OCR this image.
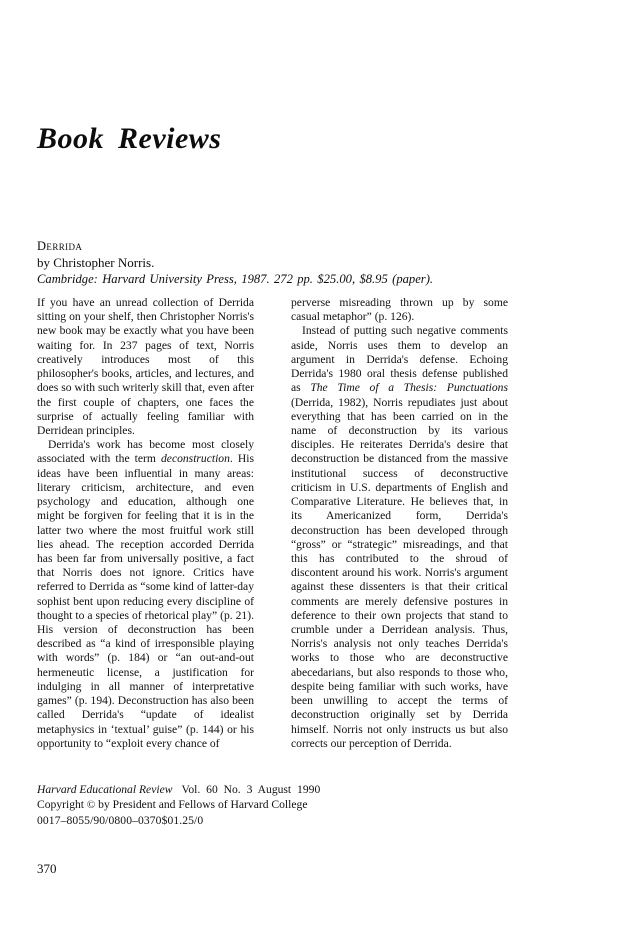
Book Reviews
Derrida
by Christopher Norris.
Cambridge: Harvard University Press, 1987. 272 pp. $25.00, $8.95 (paper).

If you have an unread collection of Derrida sitting on your shelf, then Christopher Norris's new book may be exactly what you have been waiting for. In 237 pages of text, Norris creatively introduces most of this philosopher's books, articles, and lectures, and does so with such writerly skill that, even after the first couple of chapters, one faces the surprise of actually feeling familiar with Derridean principles.

Derrida's work has become most closely associated with the term deconstruction. His ideas have been influential in many areas: literary criticism, architecture, and even psychology and education, although one might be forgiven for feeling that it is in the latter two where the most fruitful work still lies ahead. The reception accorded Derrida has been far from universally positive, a fact that Norris does not ignore. Critics have referred to Derrida as “some kind of latter-day sophist bent upon reducing every discipline of thought to a species of rhetorical play” (p. 21). His version of deconstruction has been described as “a kind of irresponsible playing with words” (p. 184) or “an out-and-out hermeneutic license, a justification for indulging in all manner of interpretative games” (p. 194). Deconstruction has also been called Derrida's “update of idealist metaphysics in ‘textual’ guise” (p. 144) or his opportunity to “exploit every chance of

perverse misreading thrown up by some casual metaphor” (p. 126).

Instead of putting such negative comments aside, Norris uses them to develop an argument in Derrida's defense. Echoing Derrida's 1980 oral thesis defense published as The Time of a Thesis: Punctuations (Derrida, 1982), Norris repudiates just about everything that has been carried on in the name of deconstruction by its various disciples. He reiterates Derrida's desire that deconstruction be distanced from the massive institutional success of deconstructive criticism in U.S. departments of English and Comparative Literature. He believes that, in its Americanized form, Derrida's deconstruction has been developed through “gross” or “strategic” misreadings, and that this has contributed to the shroud of discontent around his work. Norris's argument against these dissenters is that their critical comments are merely defensive postures in deference to their own projects that stand to crumble under a Derridean analysis. Thus, Norris's analysis not only teaches Derrida's works to those who are deconstructive abecedarians, but also responds to those who, despite being familiar with such works, have been unwilling to accept the terms of deconstruction originally set by Derrida himself. Norris not only instructs us but also corrects our perception of Derrida.

Harvard Educational Review Vol. 60 No. 3 August 1990
Copyright © by President and Fellows of Harvard College
0017–8055/90/0800–0370$01.25/0
370
